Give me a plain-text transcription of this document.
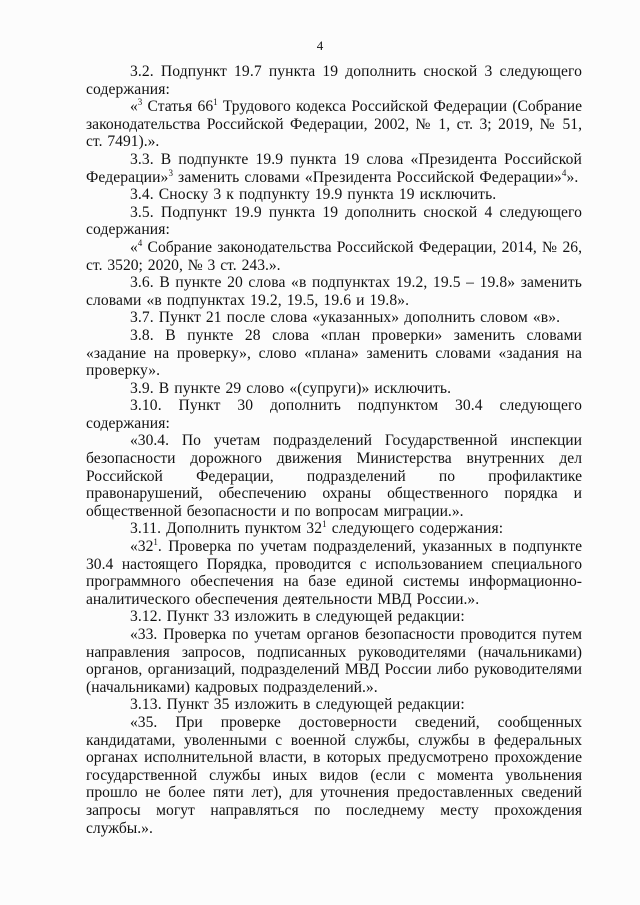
4

3.2. Подпункт 19.7 пункта 19 дополнить сноской 3 следующего содержания:

«$^3$ Статья $66^1$ Трудового кодекса Российской Федерации (Собрание законодательства Российской Федерации, 2002, № 1, ст. 3; 2019, № 51, ст. 7491).».

3.3. В подпункте 19.9 пункта 19 слова «Президента Российской Федерации»$^3$ заменить словами «Президента Российской Федерации»$^4$».

3.4. Сноску 3 к подпункту 19.9 пункта 19 исключить.

3.5. Подпункт 19.9 пункта 19 дополнить сноской 4 следующего содержания:

«$^4$ Собрание законодательства Российской Федерации, 2014, № 26, ст. 3520; 2020, № 3 ст. 243.».

3.6. В пункте 20 слова «в подпунктах 19.2, 19.5 – 19.8» заменить словами «в подпунктах 19.2, 19.5, 19.6 и 19.8».

3.7. Пункт 21 после слова «указанных» дополнить словом «в».

3.8. В пункте 28 слова «план проверки» заменить словами «задание на проверку», слово «плана» заменить словами «задания на проверку».

3.9. В пункте 29 слово «(супруги)» исключить.

3.10. Пункт 30 дополнить подпунктом 30.4 следующего содержания:

«30.4. По учетам подразделений Государственной инспекции безопасности дорожного движения Министерства внутренних дел Российской Федерации, подразделений по профилактике правонарушений, обеспечению охраны общественного порядка и общественной безопасности и по вопросам миграции.».

3.11. Дополнить пунктом $32^1$ следующего содержания:

«$32^1$. Проверка по учетам подразделений, указанных в подпункте 30.4 настоящего Порядка, проводится с использованием специального программного обеспечения на базе единой системы информационно-аналитического обеспечения деятельности МВД России.».

3.12. Пункт 33 изложить в следующей редакции:

«33. Проверка по учетам органов безопасности проводится путем направления запросов, подписанных руководителями (начальниками) органов, организаций, подразделений МВД России либо руководителями (начальниками) кадровых подразделений.».

3.13. Пункт 35 изложить в следующей редакции:

«35. При проверке достоверности сведений, сообщенных кандидатами, уволенными с военной службы, службы в федеральных органах исполнительной власти, в которых предусмотрено прохождение государственной службы иных видов (если с момента увольнения прошло не более пяти лет), для уточнения предоставленных сведений запросы могут направляться по последнему месту прохождения службы.».
